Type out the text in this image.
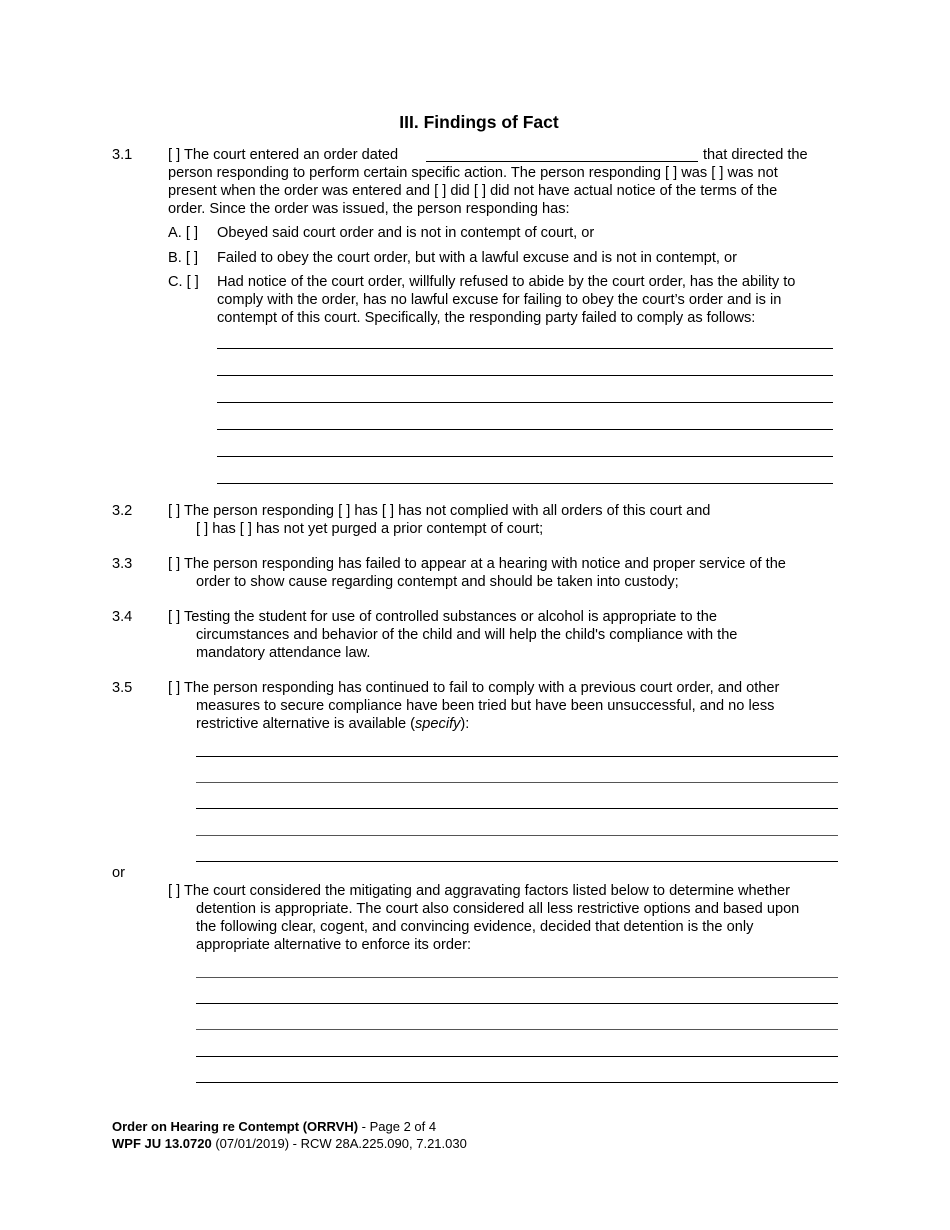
III. Findings of Fact
3.1 [ ] The court entered an order dated	that directed the
person responding to perform certain specific action. The person responding [ ] was [ ] was not
present when the order was entered and [ ] did [ ] did not have actual notice of the terms of the
order. Since the order was issued, the person responding has:
A. [ ] Obeyed said court order and is not in contempt of court, or
B. [ ] Failed to obey the court order, but with a lawful excuse and is not in contempt, or
C. [ ] Had notice of the court order, willfully refused to abide by the court order, has the ability to
comply with the order, has no lawful excuse for failing to obey the court’s order and is in
contempt of this court. Specifically, the responding party failed to comply as follows:
3.2 [ ] The person responding [ ] has [ ] has not complied with all orders of this court and
[ ] has [ ] has not yet purged a prior contempt of court;
3.3 [ ] The person responding has failed to appear at a hearing with notice and proper service of the
order to show cause regarding contempt and should be taken into custody;
3.4 [ ] Testing the student for use of controlled substances or alcohol is appropriate to the
circumstances and behavior of the child and will help the child's compliance with the
mandatory attendance law.
3.5 [ ] The person responding has continued to fail to comply with a previous court order, and other
measures to secure compliance have been tried but have been unsuccessful, and no less
restrictive alternative is available (specify):
or
[ ] The court considered the mitigating and aggravating factors listed below to determine whether
detention is appropriate. The court also considered all less restrictive options and based upon
the following clear, cogent, and convincing evidence, decided that detention is the only
appropriate alternative to enforce its order:
Order on Hearing re Contempt (ORRVH) - Page 2 of 4
WPF JU 13.0720 (07/01/2019) - RCW 28A.225.090, 7.21.030
